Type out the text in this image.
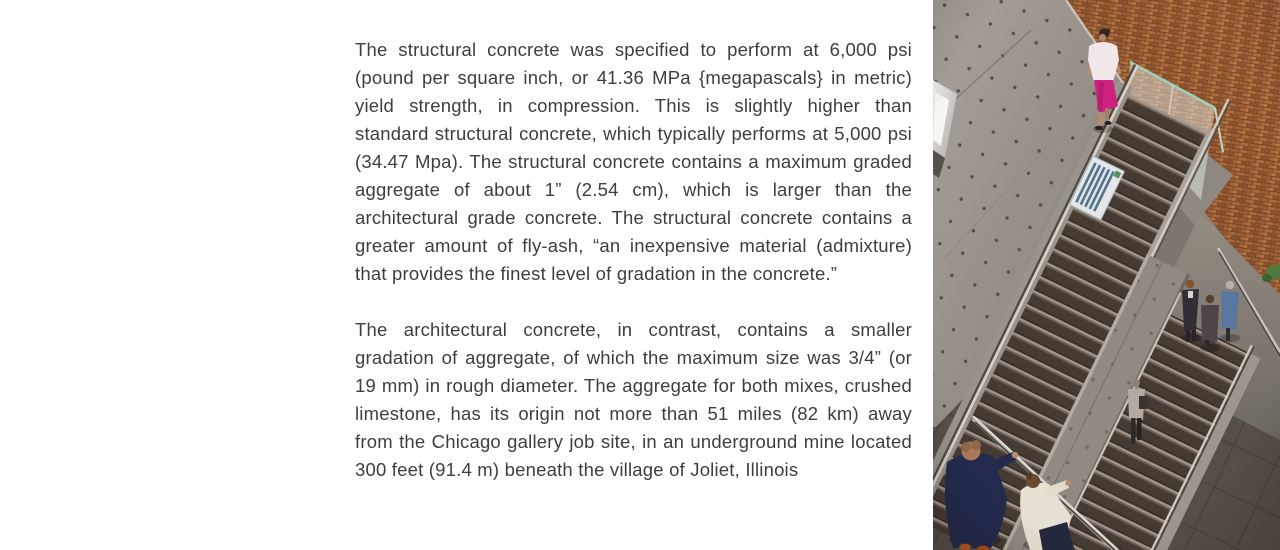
The structural concrete was specified to perform at 6,000 psi (pound per square inch, or 41.36 MPa {megapascals} in metric) yield strength, in compression. This is slightly higher than standard structural concrete, which typically performs at 5,000 psi (34.47 Mpa). The structural concrete contains a maximum graded aggregate of about 1” (2.54 cm), which is larger than the architectural grade concrete. The structural concrete contains a greater amount of fly-ash, “an inexpensive material (admixture) that provides the finest level of gradation in the concrete.”

The architectural concrete, in contrast, contains a smaller gradation of aggregate, of which the maximum size was 3/4” (or 19 mm) in rough diameter. The aggregate for both mixes, crushed limestone, has its origin not more than 51 miles (82 km) away from the Chicago gallery job site, in an underground mine located 300 feet (91.4 m) beneath the village of Joliet, Illinois
